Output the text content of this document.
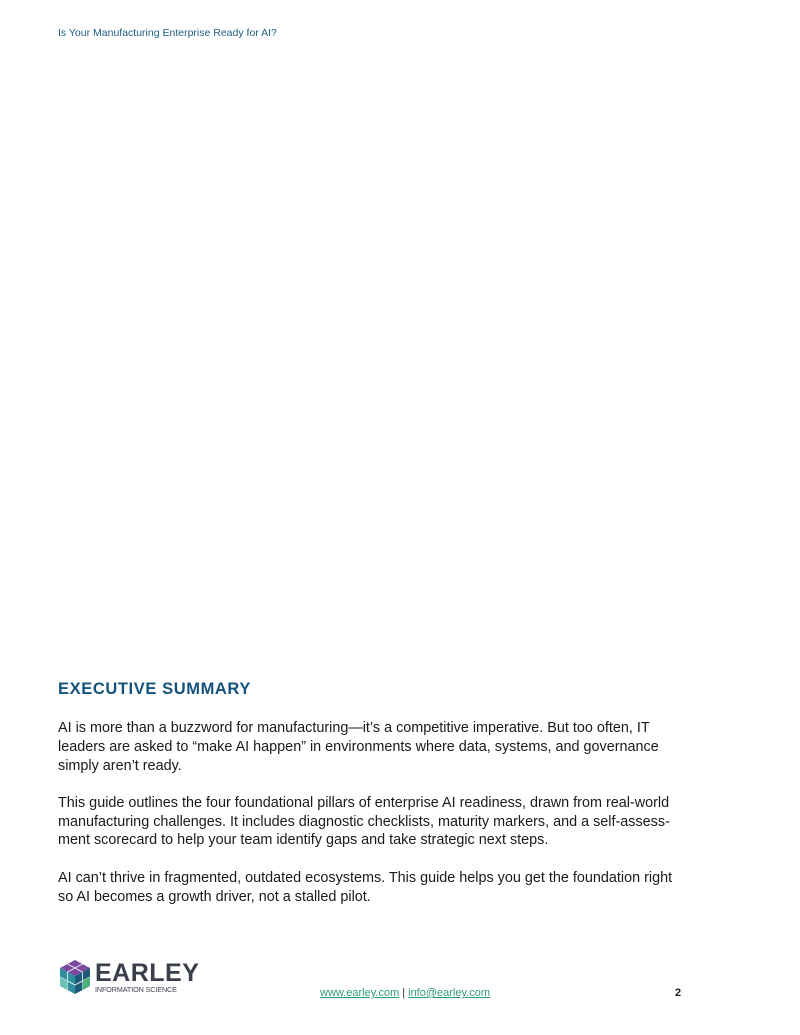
Is Your Manufacturing Enterprise Ready for AI?
EXECUTIVE SUMMARY

AI is more than a buzzword for manufacturing—it’s a competitive imperative. But too often, IT leaders are asked to “make AI happen” in environments where data, systems, and governance simply aren’t ready.

This guide outlines the four foundational pillars of enterprise AI readiness, drawn from real-world manufacturing challenges. It includes diagnostic checklists, maturity markers, and a self-assess-ment scorecard to help your team identify gaps and take strategic next steps.

AI can’t thrive in fragmented, outdated ecosystems. This guide helps you get the foundation right so AI becomes a growth driver, not a stalled pilot.

EARLEY
INFORMATION SCIENCE	www.earley.com | info@earley.com	2
